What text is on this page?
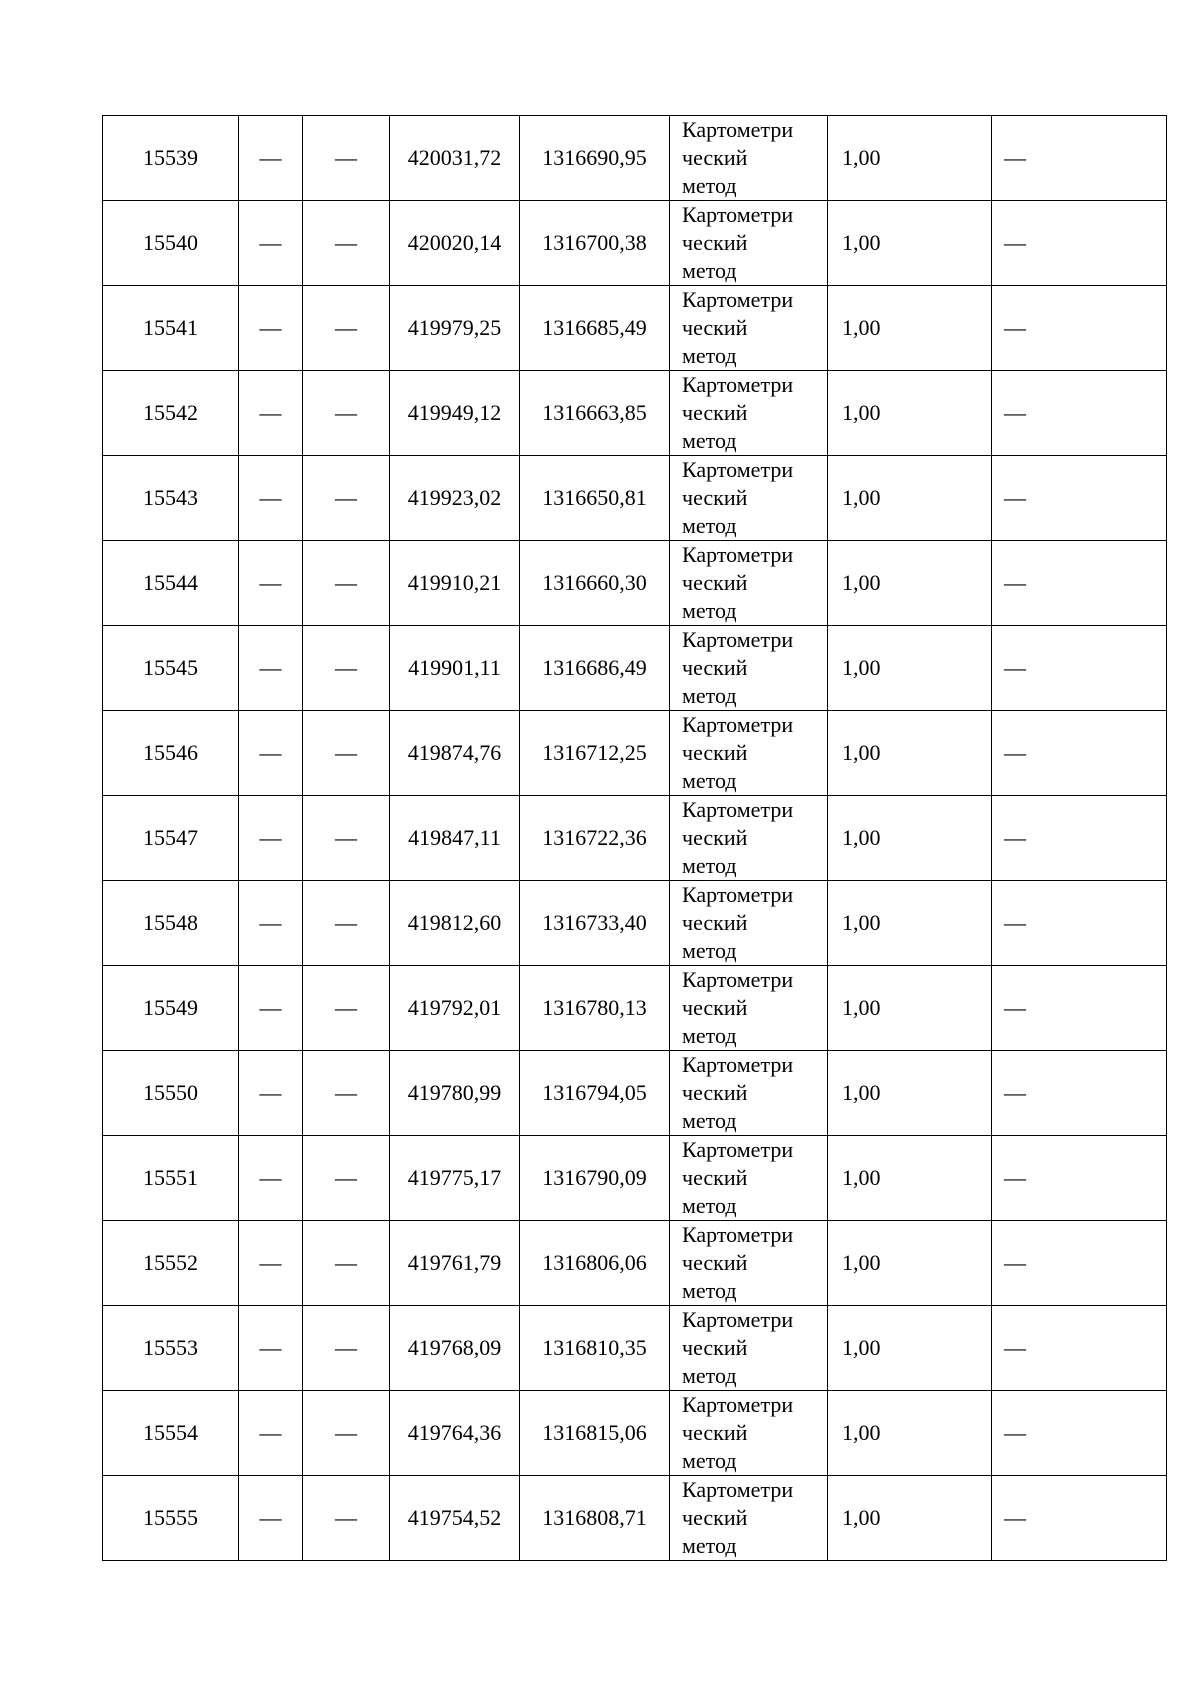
15539	—	—	420031,72	1316690,95	Картометри
ческий
метод	1,00	—
15540	—	—	420020,14	1316700,38	Картометри
ческий
метод	1,00	—
15541	—	—	419979,25	1316685,49	Картометри
ческий
метод	1,00	—
15542	—	—	419949,12	1316663,85	Картометри
ческий
метод	1,00	—
15543	—	—	419923,02	1316650,81	Картометри
ческий
метод	1,00	—
15544	—	—	419910,21	1316660,30	Картометри
ческий
метод	1,00	—
15545	—	—	419901,11	1316686,49	Картометри
ческий
метод	1,00	—
15546	—	—	419874,76	1316712,25	Картометри
ческий
метод	1,00	—
15547	—	—	419847,11	1316722,36	Картометри
ческий
метод	1,00	—
15548	—	—	419812,60	1316733,40	Картометри
ческий
метод	1,00	—
15549	—	—	419792,01	1316780,13	Картометри
ческий
метод	1,00	—
15550	—	—	419780,99	1316794,05	Картометри
ческий
метод	1,00	—
15551	—	—	419775,17	1316790,09	Картометри
ческий
метод	1,00	—
15552	—	—	419761,79	1316806,06	Картометри
ческий
метод	1,00	—
15553	—	—	419768,09	1316810,35	Картометри
ческий
метод	1,00	—
15554	—	—	419764,36	1316815,06	Картометри
ческий
метод	1,00	—
15555	—	—	419754,52	1316808,71	Картометри
ческий
метод	1,00	—
